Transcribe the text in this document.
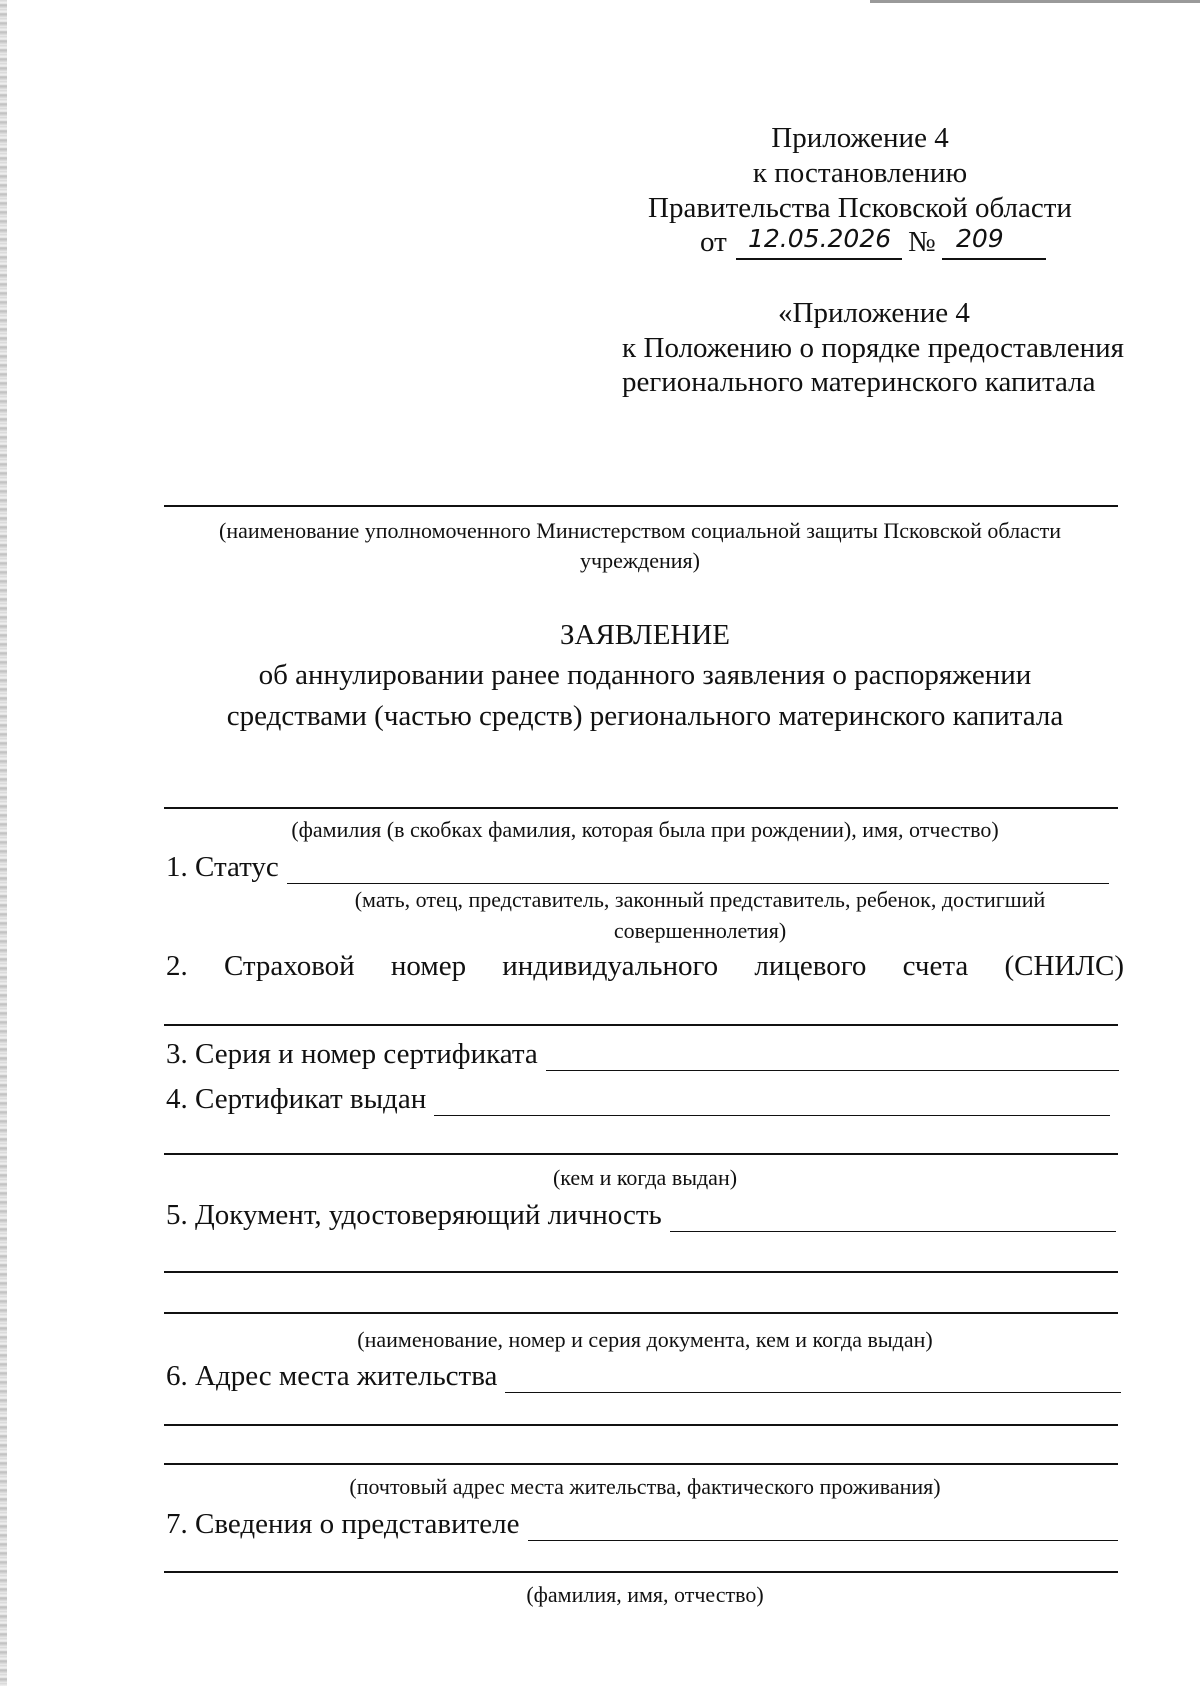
Приложение 4
к постановлению
Правительства Псковской области
от 12.05.2026 № 209
«Приложение 4
к Положению о порядке предоставления
регионального материнского капитала
(наименование уполномоченного Министерством социальной защиты Псковской области
учреждения)
ЗАЯВЛЕНИЕ
об аннулировании ранее поданного заявления о распоряжении
средствами (частью средств) регионального материнского капитала
(фамилия (в скобках фамилия, которая была при рождении), имя, отчество)
1. Статус
(мать, отец, представитель, законный представитель, ребенок, достигший
совершеннолетия)
2. Страховой номер индивидуального лицевого счета (СНИЛС)
3. Серия и номер сертификата
4. Сертификат выдан
(кем и когда выдан)
5. Документ, удостоверяющий личность
(наименование, номер и серия документа, кем и когда выдан)
6. Адрес места жительства
(почтовый адрес места жительства, фактического проживания)
7. Сведения о представителе
(фамилия, имя, отчество)
